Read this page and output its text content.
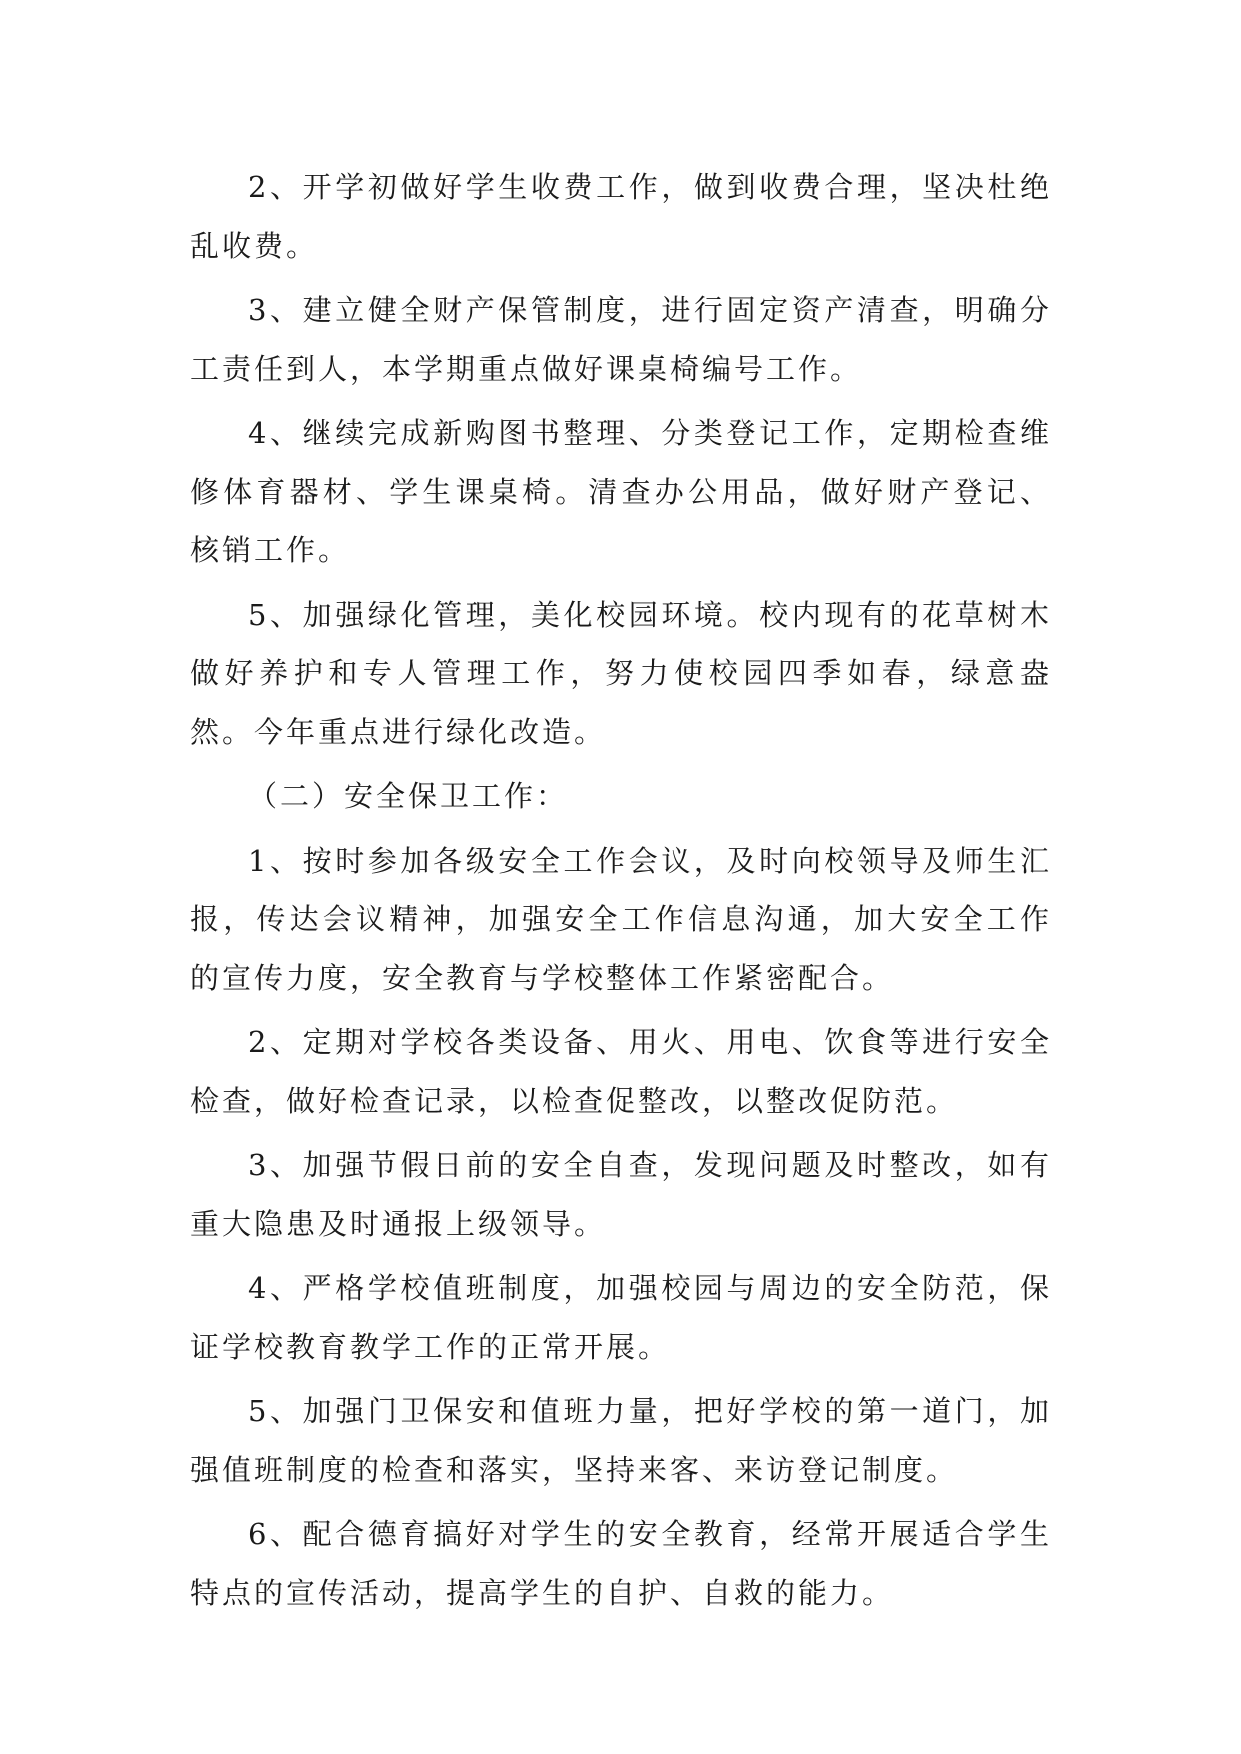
2、开学初做好学生收费工作，做到收费合理，坚决杜绝乱收费。

3、建立健全财产保管制度，进行固定资产清查，明确分工责任到人，本学期重点做好课桌椅编号工作。

4、继续完成新购图书整理、分类登记工作，定期检查维修体育器材、学生课桌椅。清查办公用品，做好财产登记、核销工作。

5、加强绿化管理，美化校园环境。校内现有的花草树木做好养护和专人管理工作，努力使校园四季如春，绿意盎然。今年重点进行绿化改造。

（二）安全保卫工作：

1、按时参加各级安全工作会议，及时向校领导及师生汇报，传达会议精神，加强安全工作信息沟通，加大安全工作的宣传力度，安全教育与学校整体工作紧密配合。

2、定期对学校各类设备、用火、用电、饮食等进行安全检查，做好检查记录，以检查促整改，以整改促防范。

3、加强节假日前的安全自查，发现问题及时整改，如有重大隐患及时通报上级领导。

4、严格学校值班制度，加强校园与周边的安全防范，保证学校教育教学工作的正常开展。

5、加强门卫保安和值班力量，把好学校的第一道门，加强值班制度的检查和落实，坚持来客、来访登记制度。

6、配合德育搞好对学生的安全教育，经常开展适合学生特点的宣传活动，提高学生的自护、自救的能力。
